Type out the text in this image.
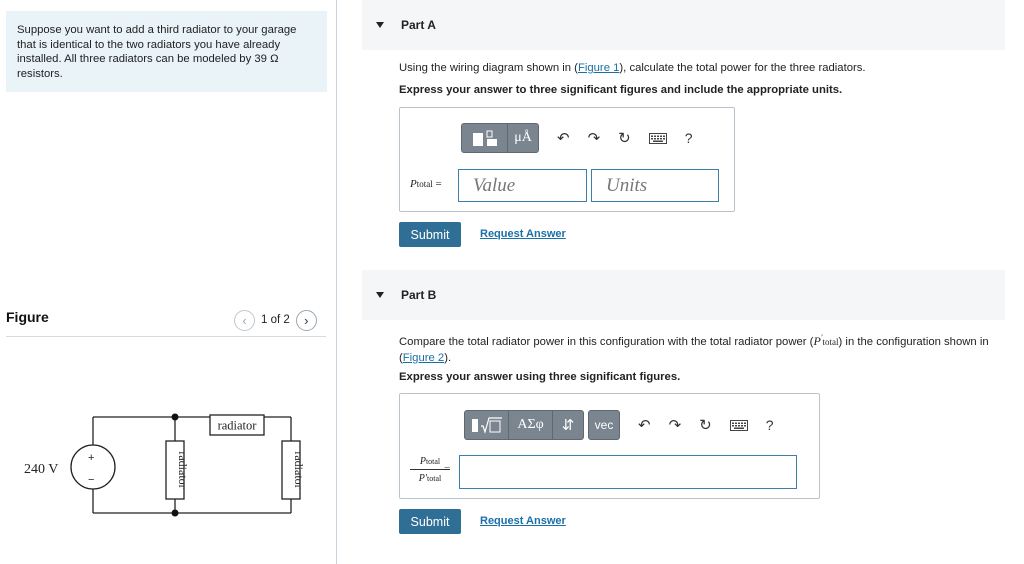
Suppose you want to add a third radiator to your garage that is identical to the two radiators you have already installed. All three radiators can be modeled by 39 Ω resistors.
Figure	‹ 1 of 2 ›
240 V
+
−
radiator
radiator	radiator
Part A
Using the wiring diagram shown in (Figure 1), calculate the total power for the three radiators.
Express your answer to three significant figures and include the appropriate units.
μÅ	↶ ↷ ↻	?
Ptotal =	Value	Units
Submit	Request Answer
Part B
Compare the total radiator power in this configuration with the total radiator power (P′total) in the configuration shown in (Figure 2).
Express your answer using three significant figures.
ΑΣφ	⇵	vec	↶ ↷ ↻	?
Ptotal
P′total
=
Submit	Request Answer
